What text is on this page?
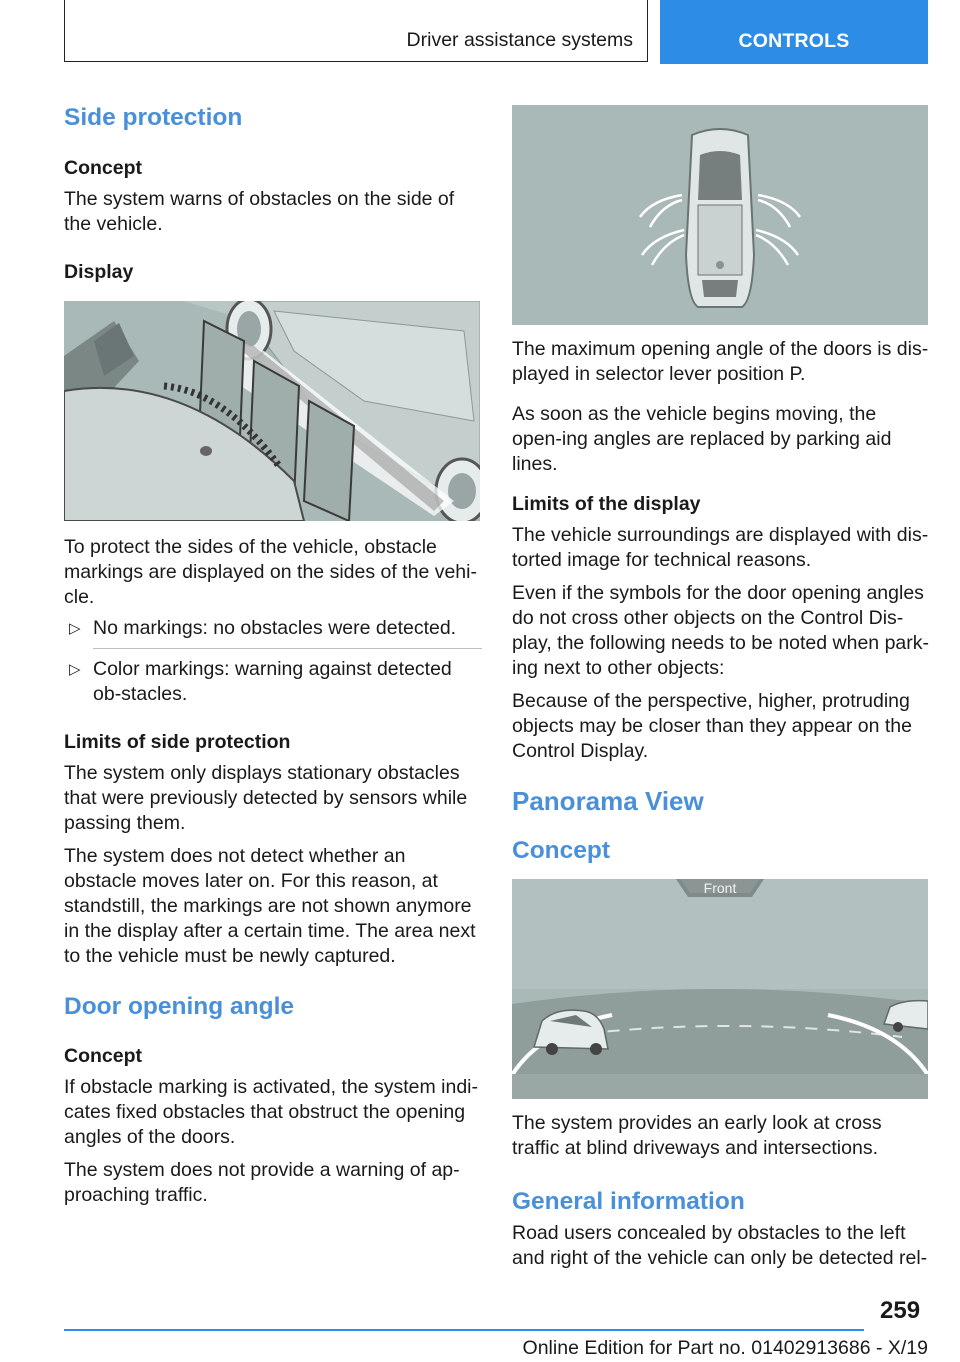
Driver assistance systems	CONTROLS
Side protection
Concept

The system warns of obstacles on the side of the vehicle.

Display

To protect the sides of the vehicle, obstacle markings are displayed on the sides of the vehi-cle.

▷ No markings: no obstacles were detected.
▷ Color markings: warning against detected ob-stacles.
Limits of side protection

The system only displays stationary obstacles that were previously detected by sensors while passing them.

The system does not detect whether an obstacle moves later on. For this reason, at standstill, the markings are not shown anymore in the display after a certain time. The area next to the vehicle must be newly captured.

Door opening angle
Concept

If obstacle marking is activated, the system indi-cates fixed obstacles that obstruct the opening angles of the doors.

The system does not provide a warning of ap-proaching traffic.

The maximum opening angle of the doors is dis-played in selector lever position P.

As soon as the vehicle begins moving, the open-ing angles are replaced by parking aid lines.

Limits of the display

The vehicle surroundings are displayed with dis-torted image for technical reasons.

Even if the symbols for the door opening angles do not cross other objects on the Control Dis-play, the following needs to be noted when park-ing next to other objects:

Because of the perspective, higher, protruding objects may be closer than they appear on the Control Display.

Panorama View
Concept
Front

The system provides an early look at cross traffic at blind driveways and intersections.

General information

Road users concealed by obstacles to the left and right of the vehicle can only be detected rel-

259
Online Edition for Part no. 01402913686 - X/19
